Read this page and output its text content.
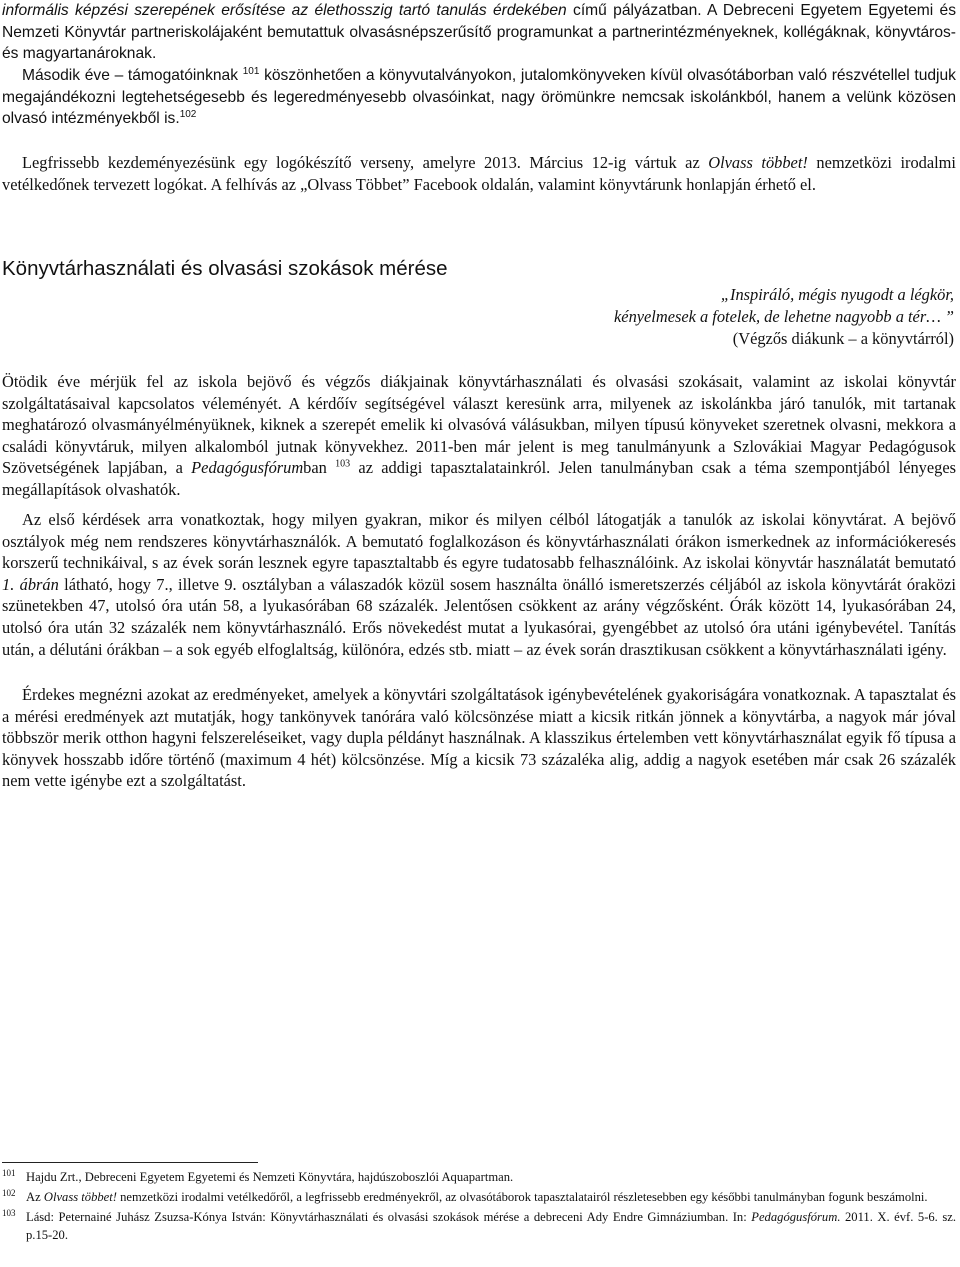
informális képzési szerepének erősítése az élethosszig tartó tanulás érdekében című pályázatban. A Debreceni Egyetem Egyetemi és Nemzeti Könyvtár partneriskolájaként bemutattuk olvasásnépszerűsítő programunkat a partnerintézményeknek, kollégáknak, könyvtáros- és magyartanároknak.

Második éve – támogatóinknak $^{101}$ köszönhetően a könyvutalványokon, jutalomkönyveken kívül olvasótáborban való részvétellel tudjuk megajándékozni legtehetségesebb és legeredményesebb olvasóinkat, nagy örömünkre nemcsak iskolánkból, hanem a velünk közösen olvasó intézményekből is.$^{102}$

Legfrissebb kezdeményezésünk egy logókészítő verseny, amelyre 2013. Március 12-ig vártuk az Olvass többet! nemzetközi irodalmi vetélkedőnek tervezett logókat. A felhívás az „Olvass Többet” Facebook oldalán, valamint könyvtárunk honlapján érhető el.

Könyvtárhasználati és olvasási szokások mérése

„Inspiráló, mégis nyugodt a légkör,

kényelmesek a fotelek, de lehetne nagyobb a tér… ”

(Végzős diákunk – a könyvtárról)

Ötödik éve mérjük fel az iskola bejövő és végzős diákjainak könyvtárhasználati és olvasási szokásait, valamint az iskolai könyvtár szolgáltatásaival kapcsolatos véleményét. A kérdőív segítségével választ keresünk arra, milyenek az iskolánkba járó tanulók, mit tartanak meghatározó olvasmányélményüknek, kiknek a szerepét emelik ki olvasóvá válásukban, milyen típusú könyveket szeretnek olvasni, mekkora a családi könyvtáruk, milyen alkalomból jutnak könyvekhez. 2011-ben már jelent is meg tanulmányunk a Szlovákiai Magyar Pedagógusok Szövetségének lapjában, a Pedagógusfórumban $^{103}$ az addigi tapasztalatainkról. Jelen tanulmányban csak a téma szempontjából lényeges megállapítások olvashatók.

Az első kérdések arra vonatkoztak, hogy milyen gyakran, mikor és milyen célból látogatják a tanulók az iskolai könyvtárat. A bejövő osztályok még nem rendszeres könyvtárhasználók. A bemutató foglalkozáson és könyvtárhasználati órákon ismerkednek az információkeresés korszerű technikáival, s az évek során lesznek egyre tapasztaltabb és egyre tudatosabb felhasználóink. Az iskolai könyvtár használatát bemutató 1. ábrán látható, hogy 7., illetve 9. osztályban a válaszadók közül sosem használta önálló ismeretszerzés céljából az iskola könyvtárát óraközi szünetekben 47, utolsó óra után 58, a lyukasórában 68 százalék. Jelentősen csökkent az arány végzősként. Órák között 14, lyukasórában 24, utolsó óra után 32 százalék nem könyvtárhasználó. Erős növekedést mutat a lyukasórai, gyengébbet az utolsó óra utáni igénybevétel. Tanítás után, a délutáni órákban – a sok egyéb elfoglaltság, különóra, edzés stb. miatt – az évek során drasztikusan csökkent a könyvtárhasználati igény.

Érdekes megnézni azokat az eredményeket, amelyek a könyvtári szolgáltatások igénybevételének gyakoriságára vonatkoznak. A tapasztalat és a mérési eredmények azt mutatják, hogy tankönyvek tanórára való kölcsönzése miatt a kicsik ritkán jönnek a könyvtárba, a nagyok már jóval többször merik otthon hagyni felszereléseiket, vagy dupla példányt használnak. A klasszikus értelemben vett könyvtárhasználat egyik fő típusa a könyvek hosszabb időre történő (maximum 4 hét) kölcsönzése. Míg a kicsik 73 százaléka alig, addig a nagyok esetében már csak 26 százalék nem vette igénybe ezt a szolgáltatást.

101 Hajdu Zrt., Debreceni Egyetem Egyetemi és Nemzeti Könyvtára, hajdúszoboszlói Aquapartman.

102 Az Olvass többet! nemzetközi irodalmi vetélkedőről, a legfrissebb eredményekről, az olvasótáborok tapasztalatairól részletesebben egy későbbi tanulmányban fogunk beszámolni.

103 Lásd: Peternainé Juhász Zsuzsa-Kónya István: Könyvtárhasználati és olvasási szokások mérése a debreceni Ady Endre Gimnáziumban. In: Pedagógusfórum. 2011. X. évf. 5-6. sz. p.15-20.
